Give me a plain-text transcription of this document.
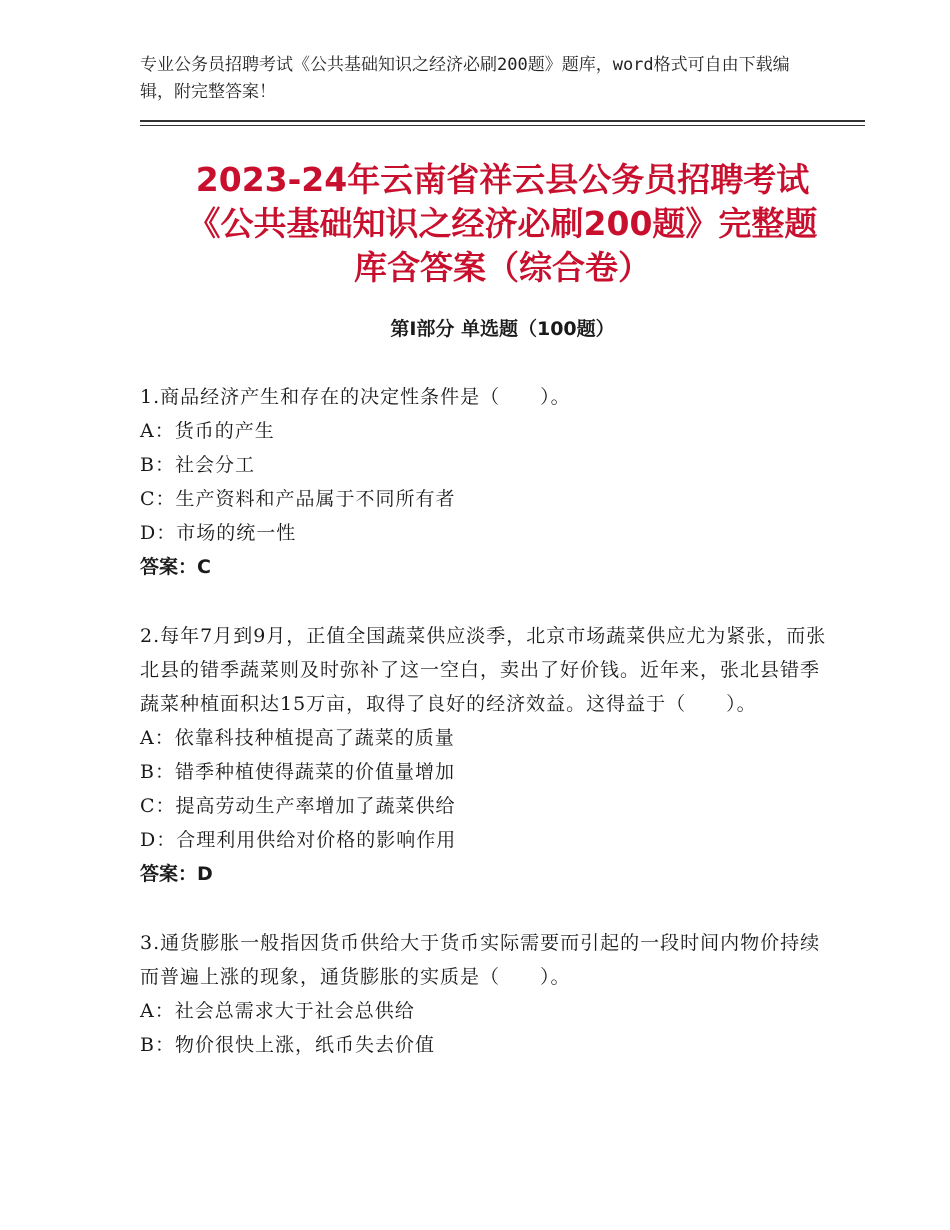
专业公务员招聘考试《公共基础知识之经济必刷200题》题库，word格式可自由下载编辑，附完整答案！
2023-24年云南省祥云县公务员招聘考试
《公共基础知识之经济必刷200题》完整题
库含答案（综合卷）
第Ⅰ部分 单选题（100题）
1.商品经济产生和存在的决定性条件是（　　）。
A：货币的产生
B：社会分工
C：生产资料和产品属于不同所有者
D：市场的统一性
答案：C
2.每年7月到9月，正值全国蔬菜供应淡季，北京市场蔬菜供应尤为紧张，而张北县的错季蔬菜则及时弥补了这一空白，卖出了好价钱。近年来，张北县错季蔬菜种植面积达15万亩，取得了良好的经济效益。这得益于（　　）。
A：依靠科技种植提高了蔬菜的质量
B：错季种植使得蔬菜的价值量增加
C：提高劳动生产率增加了蔬菜供给
D：合理利用供给对价格的影响作用
答案：D
3.通货膨胀一般指因货币供给大于货币实际需要而引起的一段时间内物价持续而普遍上涨的现象，通货膨胀的实质是（　　）。
A：社会总需求大于社会总供给
B：物价很快上涨，纸币失去价值
